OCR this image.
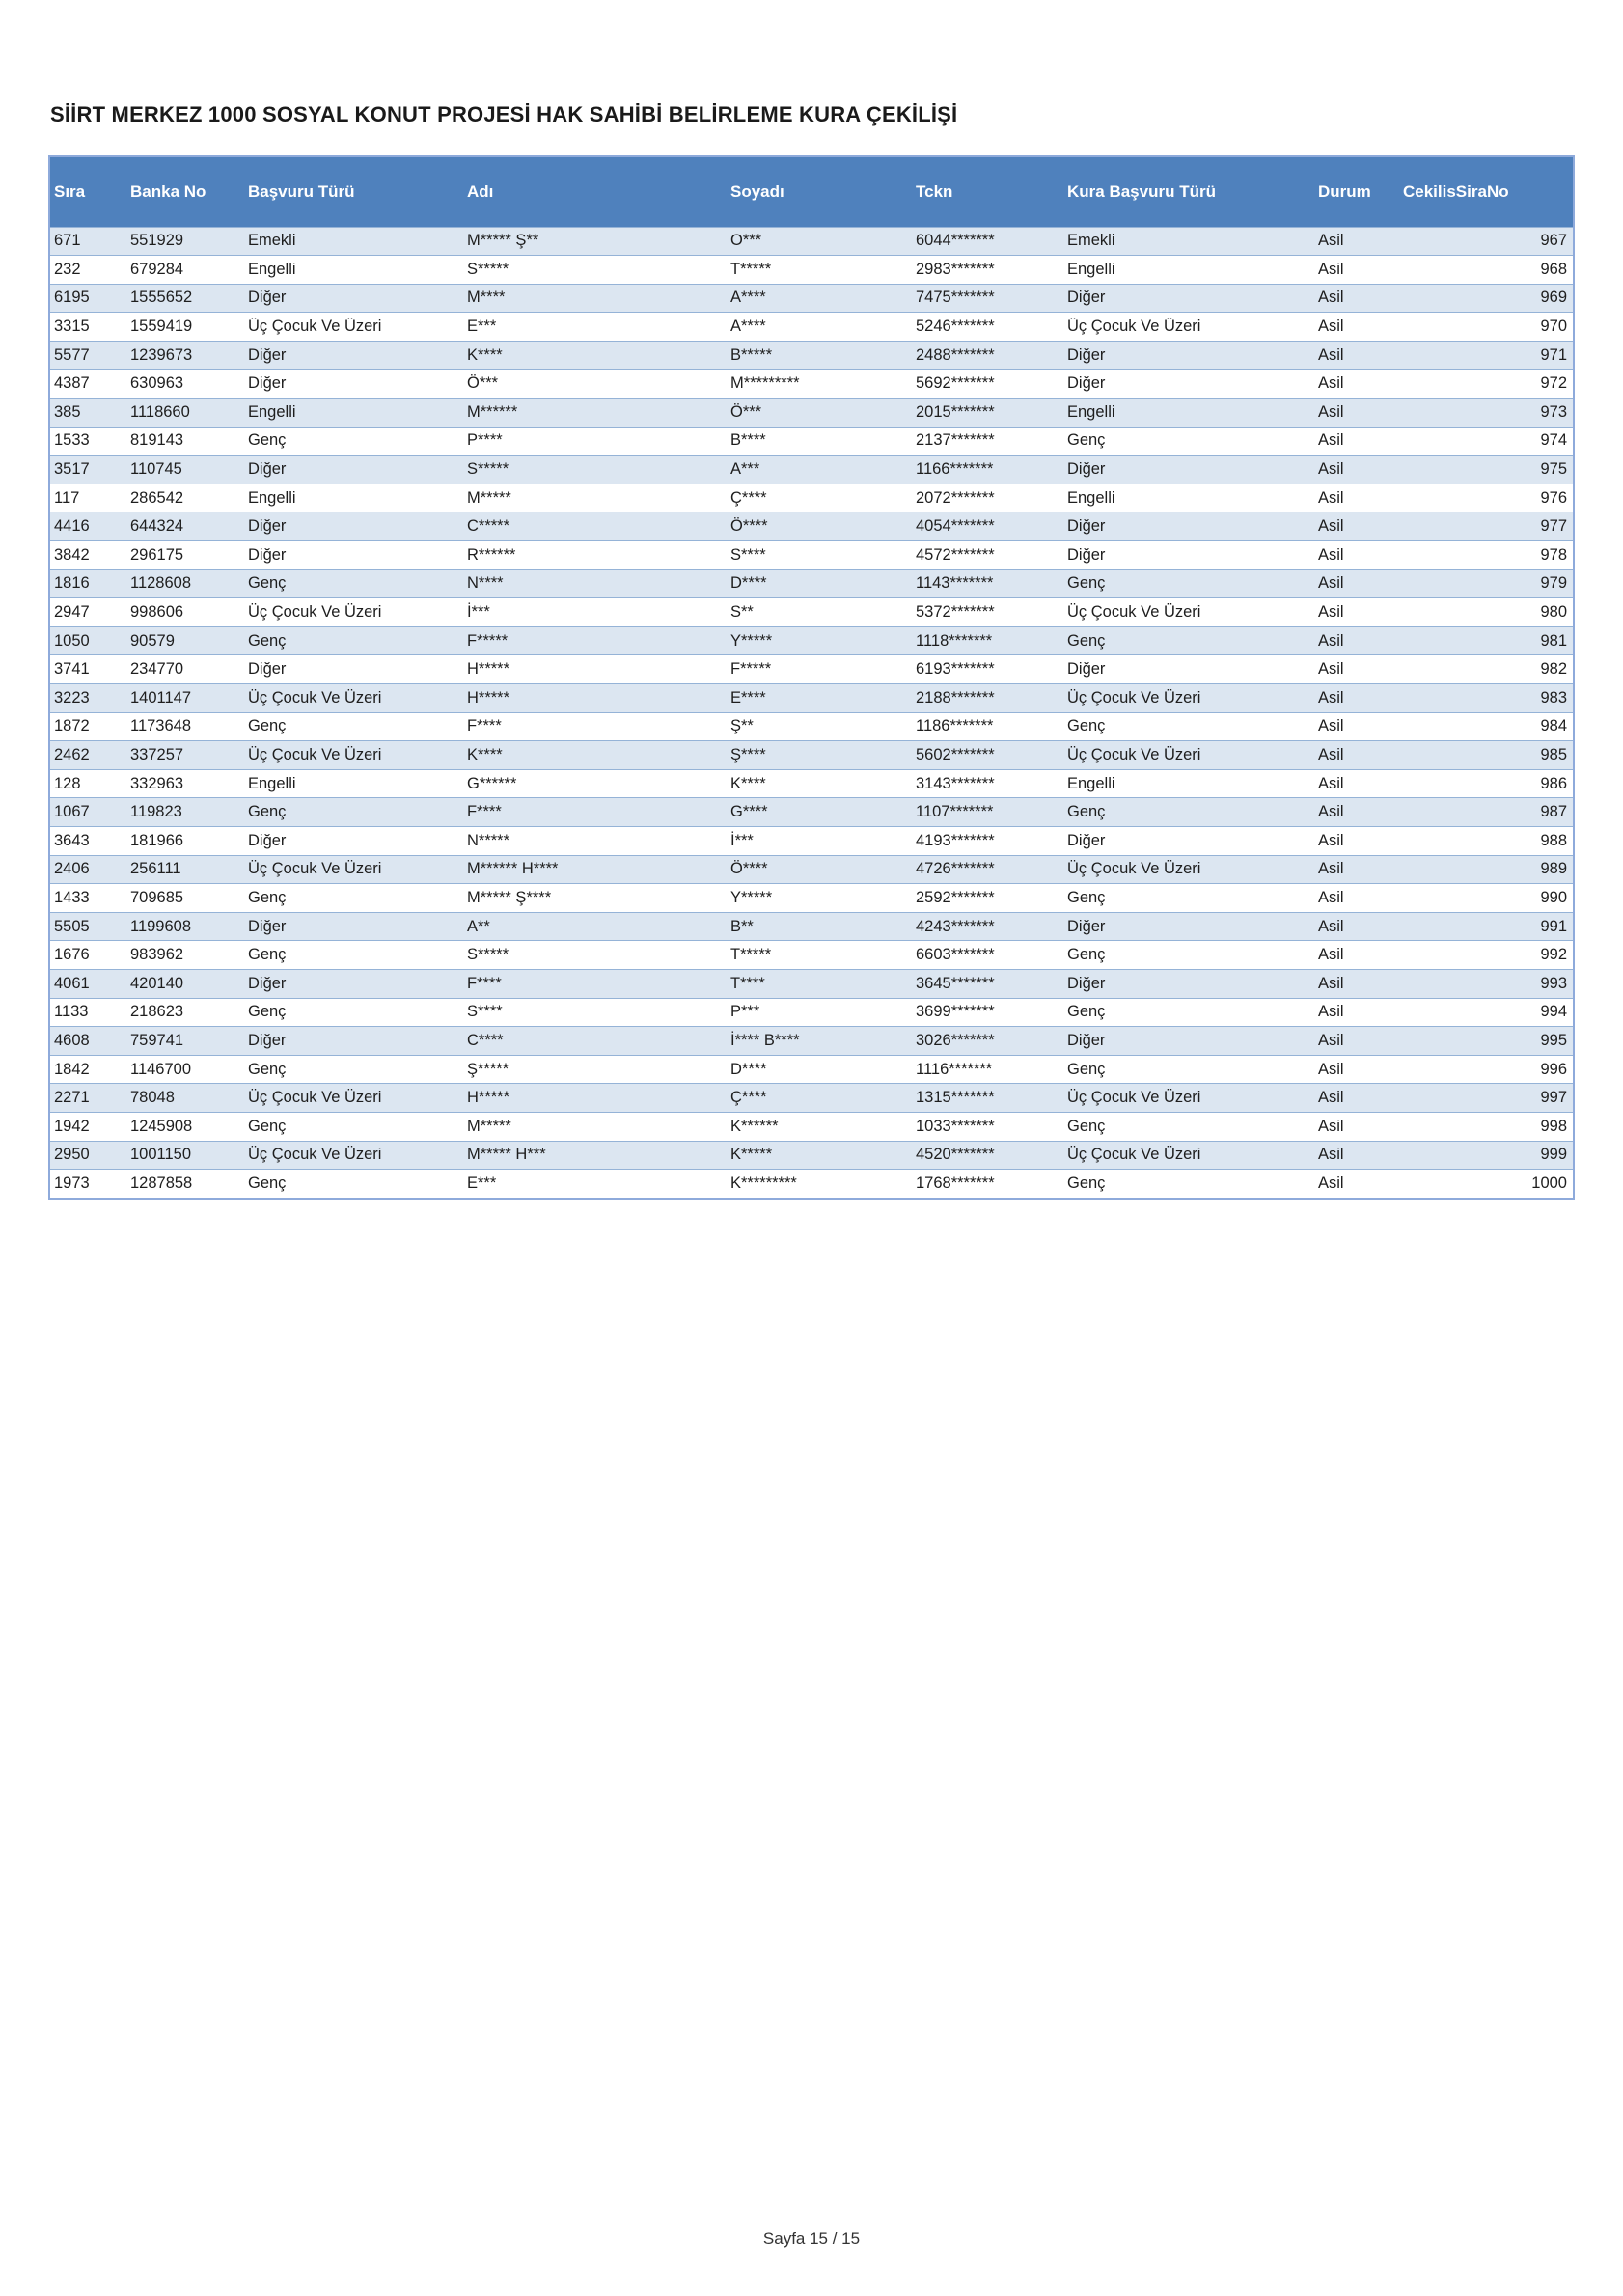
SİİRT MERKEZ 1000 SOSYAL KONUT PROJESİ HAK SAHİBİ BELİRLEME KURA ÇEKİLİŞİ
Sıra	Banka No	Başvuru Türü	Adı	Soyadı	Tckn	Kura Başvuru Türü	Durum	CekilisSiraNo
671	551929	Emekli	M***** Ş**	O***	6044*******	Emekli	Asil	967
232	679284	Engelli	S*****	T*****	2983*******	Engelli	Asil	968
6195	1555652	Diğer	M****	A****	7475*******	Diğer	Asil	969
3315	1559419	Üç Çocuk Ve Üzeri	E***	A****	5246*******	Üç Çocuk Ve Üzeri	Asil	970
5577	1239673	Diğer	K****	B*****	2488*******	Diğer	Asil	971
4387	630963	Diğer	Ö***	M*********	5692*******	Diğer	Asil	972
385	1118660	Engelli	M******	Ö***	2015*******	Engelli	Asil	973
1533	819143	Genç	P****	B****	2137*******	Genç	Asil	974
3517	110745	Diğer	S*****	A***	1166*******	Diğer	Asil	975
117	286542	Engelli	M*****	Ç****	2072*******	Engelli	Asil	976
4416	644324	Diğer	C*****	Ö****	4054*******	Diğer	Asil	977
3842	296175	Diğer	R******	S****	4572*******	Diğer	Asil	978
1816	1128608	Genç	N****	D****	1143*******	Genç	Asil	979
2947	998606	Üç Çocuk Ve Üzeri	İ***	S**	5372*******	Üç Çocuk Ve Üzeri	Asil	980
1050	90579	Genç	F*****	Y*****	1118*******	Genç	Asil	981
3741	234770	Diğer	H*****	F*****	6193*******	Diğer	Asil	982
3223	1401147	Üç Çocuk Ve Üzeri	H*****	E****	2188*******	Üç Çocuk Ve Üzeri	Asil	983
1872	1173648	Genç	F****	Ş**	1186*******	Genç	Asil	984
2462	337257	Üç Çocuk Ve Üzeri	K****	Ş****	5602*******	Üç Çocuk Ve Üzeri	Asil	985
128	332963	Engelli	G******	K****	3143*******	Engelli	Asil	986
1067	119823	Genç	F****	G****	1107*******	Genç	Asil	987
3643	181966	Diğer	N*****	İ***	4193*******	Diğer	Asil	988
2406	256111	Üç Çocuk Ve Üzeri	M****** H****	Ö****	4726*******	Üç Çocuk Ve Üzeri	Asil	989
1433	709685	Genç	M***** Ş****	Y*****	2592*******	Genç	Asil	990
5505	1199608	Diğer	A**	B**	4243*******	Diğer	Asil	991
1676	983962	Genç	S*****	T*****	6603*******	Genç	Asil	992
4061	420140	Diğer	F****	T****	3645*******	Diğer	Asil	993
1133	218623	Genç	S****	P***	3699*******	Genç	Asil	994
4608	759741	Diğer	C****	İ**** B****	3026*******	Diğer	Asil	995
1842	1146700	Genç	Ş*****	D****	1116*******	Genç	Asil	996
2271	78048	Üç Çocuk Ve Üzeri	H*****	Ç****	1315*******	Üç Çocuk Ve Üzeri	Asil	997
1942	1245908	Genç	M*****	K******	1033*******	Genç	Asil	998
2950	1001150	Üç Çocuk Ve Üzeri	M***** H***	K*****	4520*******	Üç Çocuk Ve Üzeri	Asil	999
1973	1287858	Genç	E***	K*********	1768*******	Genç	Asil	1000
Sayfa 15 / 15
